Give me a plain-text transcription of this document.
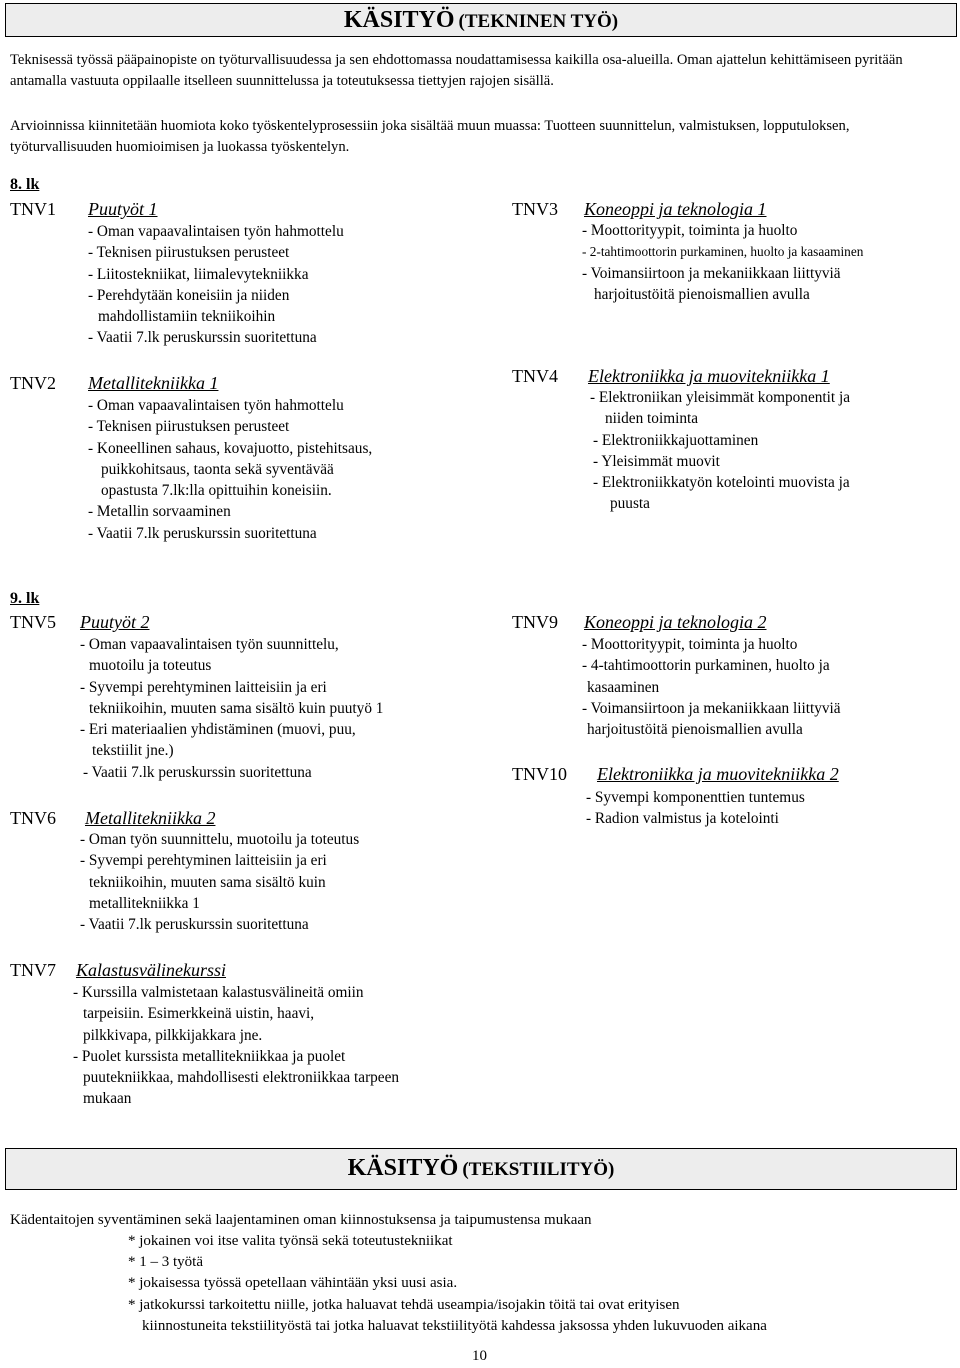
KÄSITYÖ (TEKNINEN TYÖ)
Teknisessä työssä pääpainopiste on työturvallisuudessa ja sen ehdottomassa noudattamisessa kaikilla osa-alueilla. Oman ajattelun kehittämiseen pyritään antamalla vastuuta oppilaalle itselleen suunnittelussa ja toteutuksessa tiettyjen rajojen sisällä.
Arvioinnissa kiinnitetään huomiota koko työskentelyprosessiin joka sisältää muun muassa: Tuotteen suunnittelun, valmistuksen, lopputuloksen, työturvallisuuden huomioimisen ja luokassa työskentelyn.
8. lk
TNV1 Puutyöt 1
- Oman vapaavalintaisen työn hahmottelu
- Teknisen piirustuksen perusteet
- Liitostekniikat, liimalevytekniikka
- Perehdytään koneisiin ja niiden
mahdollistamiin tekniikoihin
- Vaatii 7.lk peruskurssin suoritettuna
TNV2 Metallitekniikka 1
- Oman vapaavalintaisen työn hahmottelu
- Teknisen piirustuksen perusteet
- Koneellinen sahaus, kovajuotto, pistehitsaus,
puikkohitsaus, taonta sekä syventävää
opastusta 7.lk:lla opittuihin koneisiin.
- Metallin sorvaaminen
- Vaatii 7.lk peruskurssin suoritettuna
TNV3 Koneoppi ja teknologia 1
- Moottorityypit, toiminta ja huolto
- 2-tahtimoottorin purkaminen, huolto ja kasaaminen
- Voimansiirtoon ja mekaniikkaan liittyviä
harjoitustöitä pienoismallien avulla
TNV4 Elektroniikka ja muovitekniikka 1
- Elektroniikan yleisimmät komponentit ja
niiden toiminta
- Elektroniikkajuottaminen
- Yleisimmät muovit
- Elektroniikkatyön kotelointi muovista ja
puusta
9. lk
TNV5 Puutyöt 2
- Oman vapaavalintaisen työn suunnittelu,
muotoilu ja toteutus
- Syvempi perehtyminen laitteisiin ja eri
tekniikoihin, muuten sama sisältö kuin puutyö 1
- Eri materiaalien yhdistäminen (muovi, puu,
tekstiilit jne.)
- Vaatii 7.lk peruskurssin suoritettuna
TNV6 Metallitekniikka 2
- Oman työn suunnittelu, muotoilu ja toteutus
- Syvempi perehtyminen laitteisiin ja eri
tekniikoihin, muuten sama sisältö kuin
metallitekniikka 1
- Vaatii 7.lk peruskurssin suoritettuna
TNV7 Kalastusvälinekurssi
- Kurssilla valmistetaan kalastusvälineitä omiin
tarpeisiin. Esimerkkeinä uistin, haavi,
pilkkivapa, pilkkijakkara jne.
- Puolet kurssista metallitekniikkaa ja puolet
puutekniikkaa, mahdollisesti elektroniikkaa tarpeen
mukaan
TNV9 Koneoppi ja teknologia 2
- Moottorityypit, toiminta ja huolto
- 4-tahtimoottorin purkaminen, huolto ja
kasaaminen
- Voimansiirtoon ja mekaniikkaan liittyviä
harjoitustöitä pienoismallien avulla
TNV10 Elektroniikka ja muovitekniikka 2
- Syvempi komponenttien tuntemus
- Radion valmistus ja kotelointi
KÄSITYÖ (TEKSTIILITYÖ)
Kädentaitojen syventäminen sekä laajentaminen oman kiinnostuksensa ja taipumustensa mukaan
* jokainen voi itse valita työnsä sekä toteutustekniikat
* 1 – 3 työtä
* jokaisessa työssä opetellaan vähintään yksi uusi asia.
* jatkokurssi tarkoitettu niille, jotka haluavat tehdä useampia/isojakin töitä tai ovat erityisen
kiinnostuneita tekstiilityöstä tai jotka haluavat tekstiilityötä kahdessa jaksossa yhden lukuvuoden aikana
10
